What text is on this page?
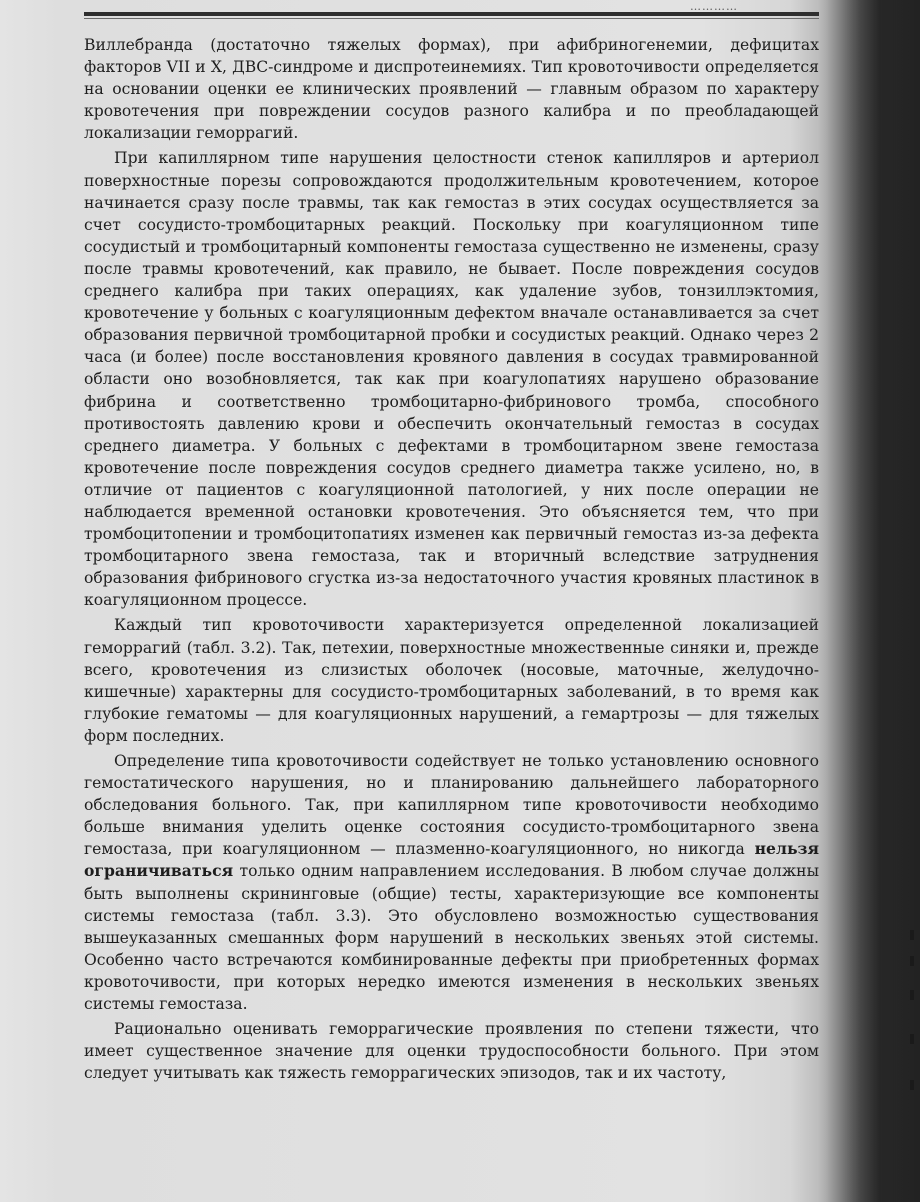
…………

Виллебранда (достаточно тяжелых формах), при афибриногенемии, дефицитах факторов VII и X, ДВС-синдроме и диспротеинемиях. Тип кровоточивости определяется на основании оценки ее клинических проявлений — главным образом по характеру кровотечения при повреждении сосудов разного калибра и по преобладающей локализации геморрагий.

При капиллярном типе нарушения целостности стенок капилляров и артериол поверхностные порезы сопровождаются продолжительным кровотечением, которое начинается сразу после травмы, так как гемостаз в этих сосудах осуществляется за счет сосудисто-тромбоцитарных реакций. Поскольку при коагуляционном типе сосудистый и тромбоцитарный компоненты гемостаза существенно не изменены, сразу после травмы кровотечений, как правило, не бывает. После повреждения сосудов среднего калибра при таких операциях, как удаление зубов, тонзиллэктомия, кровотечение у больных с коагуляционным дефектом вначале останавливается за счет образования первичной тромбоцитарной пробки и сосудистых реакций. Однако через 2 часа (и более) после восстановления кровяного давления в сосудах травмированной области оно возобновляется, так как при коагулопатиях нарушено образование фибрина и соответственно тромбоцитарно-фибринового тромба, способного противостоять давлению крови и обеспечить окончательный гемостаз в сосудах среднего диаметра. У больных с дефектами в тромбоцитарном звене гемостаза кровотечение после повреждения сосудов среднего диаметра также усилено, но, в отличие от пациентов с коагуляционной патологией, у них после операции не наблюдается временной остановки кровотечения. Это объясняется тем, что при тромбоцитопении и тромбоцитопатиях изменен как первичный гемостаз из-за дефекта тромбоцитарного звена гемостаза, так и вторичный вследствие затруднения образования фибринового сгустка из-за недостаточного участия кровяных пластинок в коагуляционном процессе.

Каждый тип кровоточивости характеризуется определенной локализацией геморрагий (табл. 3.2). Так, петехии, поверхностные множественные синяки и, прежде всего, кровотечения из слизистых оболочек (носовые, маточные, желудочно-кишечные) характерны для сосудисто-тромбоцитарных заболеваний, в то время как глубокие гематомы — для коагуляционных нарушений, а гемартрозы — для тяжелых форм последних.

Определение типа кровоточивости содействует не только установлению основного гемостатического нарушения, но и планированию дальнейшего лабораторного обследования больного. Так, при капиллярном типе кровоточивости необходимо больше внимания уделить оценке состояния сосудисто-тромбоцитарного звена гемостаза, при коагуляционном — плазменно-коагуляционного, но никогда нельзя ограничиваться только одним направлением исследования. В любом случае должны быть выполнены скрининговые (общие) тесты, характеризующие все компоненты системы гемостаза (табл. 3.3). Это обусловлено возможностью существования вышеуказанных смешанных форм нарушений в нескольких звеньях этой системы. Особенно часто встречаются комбинированные дефекты при приобретенных формах кровоточивости, при которых нередко имеются изменения в нескольких звеньях системы гемостаза.

Рационально оценивать геморрагические проявления по степени тяжести, что имеет существенное значение для оценки трудоспособности больного. При этом следует учитывать как тяжесть геморрагических эпизодов, так и их частоту,
